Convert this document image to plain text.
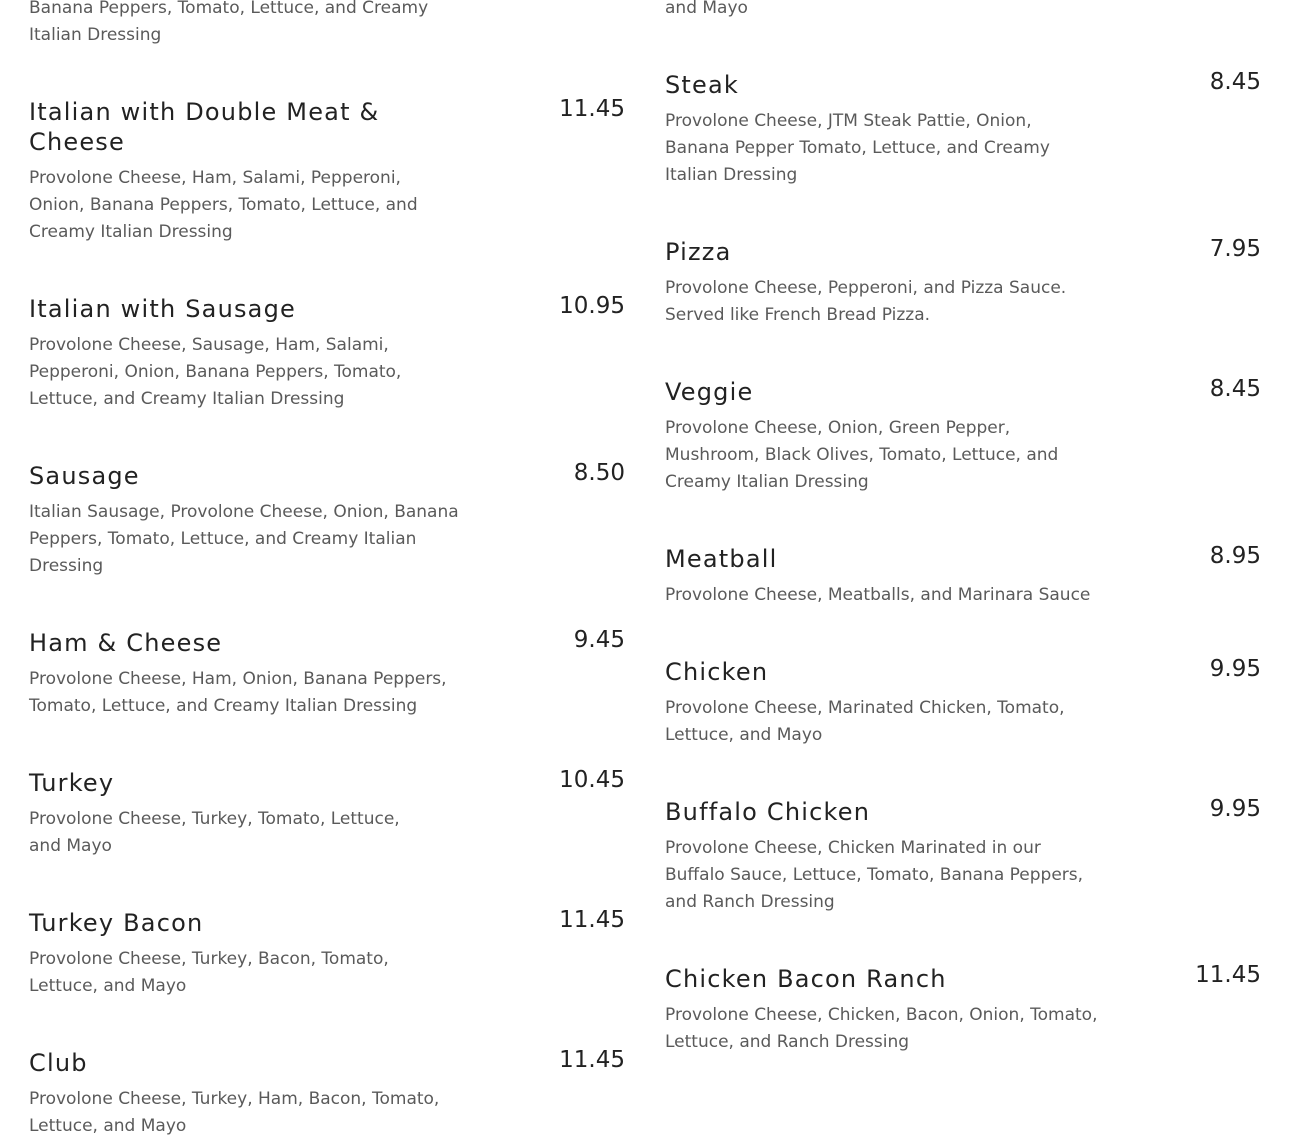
Banana Peppers, Tomato, Lettuce, and Creamy Italian Dressing
Italian with Double Meat & Cheese
11.45
Provolone Cheese, Ham, Salami, Pepperoni, Onion, Banana Peppers, Tomato, Lettuce, and Creamy Italian Dressing
Italian with Sausage	10.95
Provolone Cheese, Sausage, Ham, Salami, Pepperoni, Onion, Banana Peppers, Tomato, Lettuce, and Creamy Italian Dressing
Sausage	8.50
Italian Sausage, Provolone Cheese, Onion, Banana Peppers, Tomato, Lettuce, and Creamy Italian Dressing
Ham & Cheese	9.45
Provolone Cheese, Ham, Onion, Banana Peppers, Tomato, Lettuce, and Creamy Italian Dressing
Turkey	10.45
Provolone Cheese, Turkey, Tomato, Lettuce, and Mayo
Turkey Bacon	11.45
Provolone Cheese, Turkey, Bacon, Tomato, Lettuce, and Mayo
Club	11.45
Provolone Cheese, Turkey, Ham, Bacon, Tomato, Lettuce, and Mayo
and Mayo
Steak	8.45
Provolone Cheese, JTM Steak Pattie, Onion, Banana Pepper Tomato, Lettuce, and Creamy Italian Dressing
Pizza	7.95
Provolone Cheese, Pepperoni, and Pizza Sauce. Served like French Bread Pizza.
Veggie	8.45
Provolone Cheese, Onion, Green Pepper, Mushroom, Black Olives, Tomato, Lettuce, and Creamy Italian Dressing
Meatball	8.95
Provolone Cheese, Meatballs, and Marinara Sauce
Chicken	9.95
Provolone Cheese, Marinated Chicken, Tomato, Lettuce, and Mayo
Buffalo Chicken	9.95
Provolone Cheese, Chicken Marinated in our Buffalo Sauce, Lettuce, Tomato, Banana Peppers, and Ranch Dressing
Chicken Bacon Ranch	11.45
Provolone Cheese, Chicken, Bacon, Onion, Tomato, Lettuce, and Ranch Dressing
